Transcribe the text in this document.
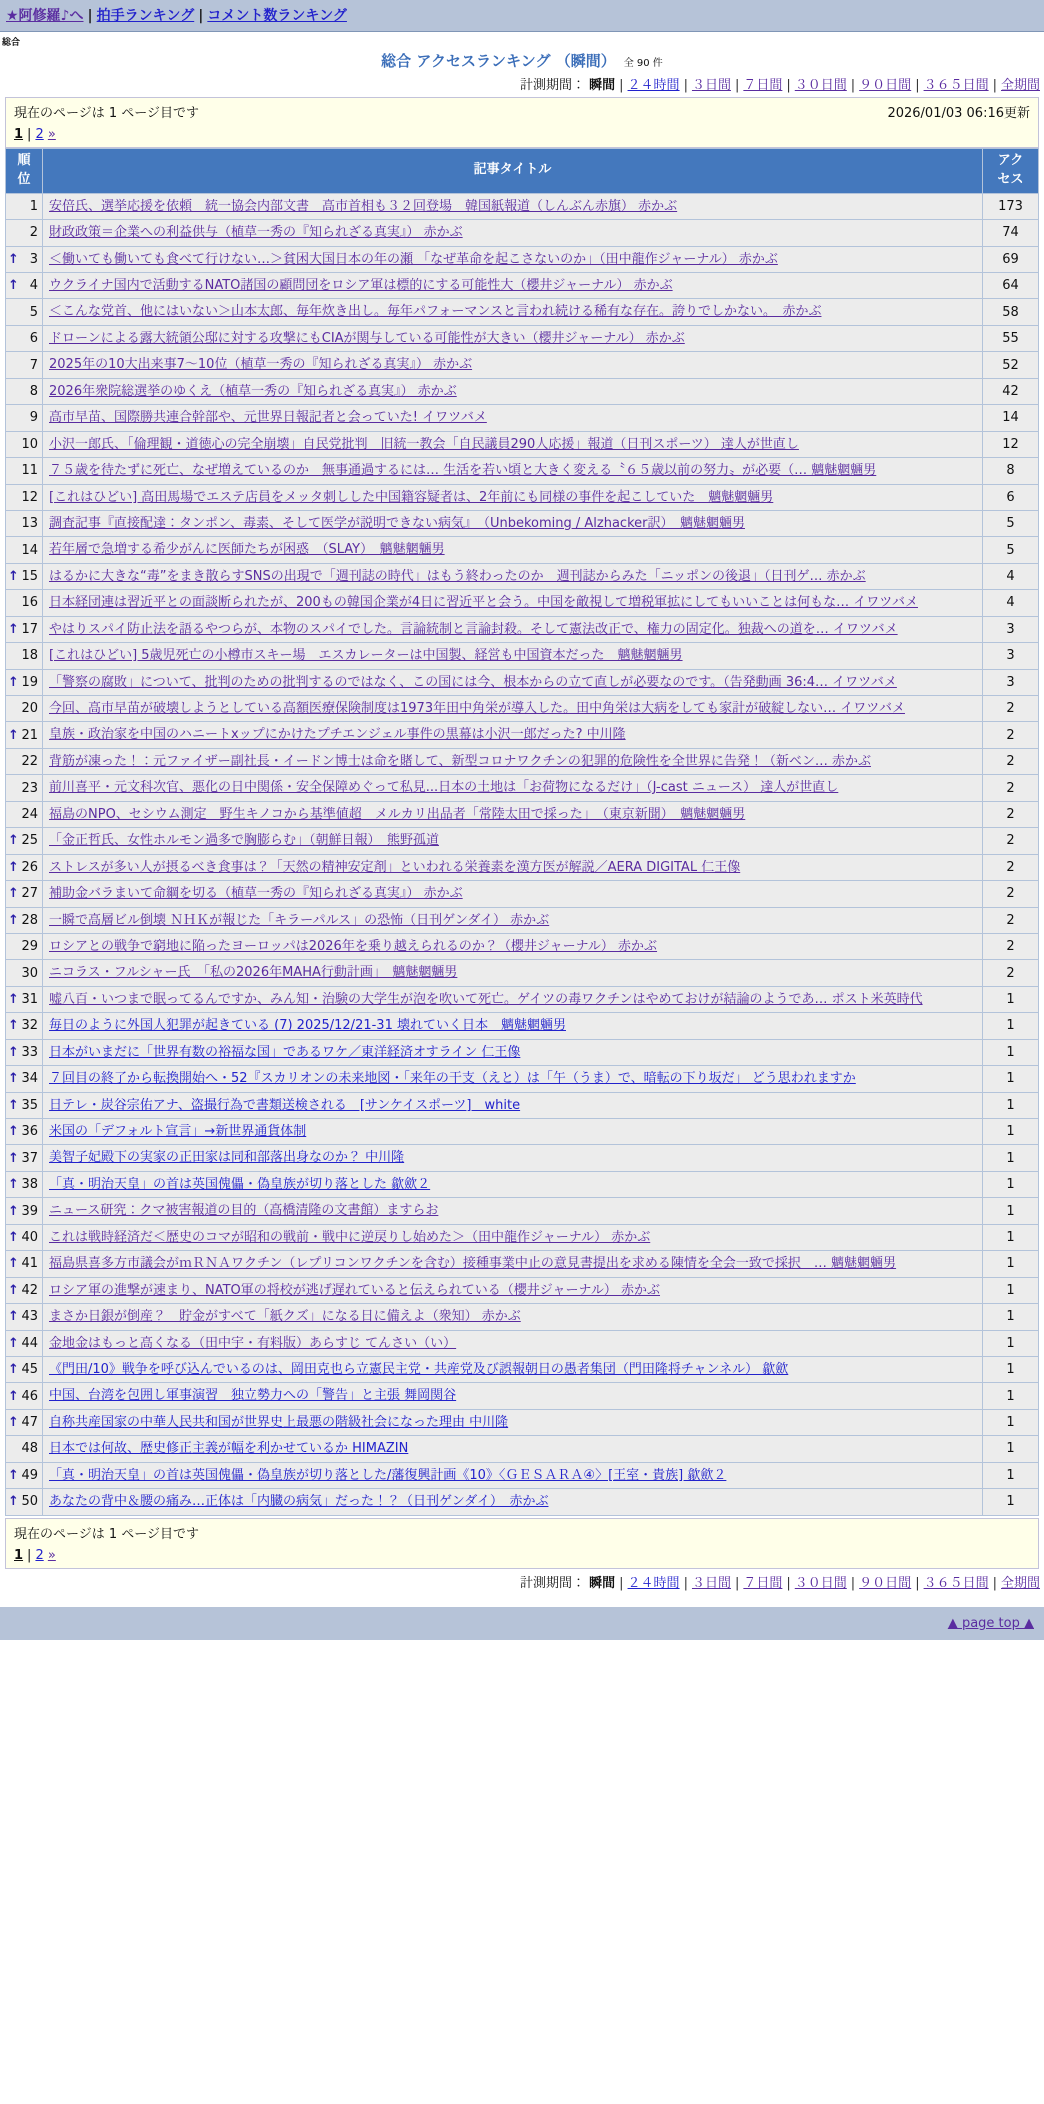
★阿修羅♪へ | 拍手ランキング | コメント数ランキング
総合
総合 アクセスランキング （瞬間） 全 90 件
計測期間： 瞬間 | ２４時間 | ３日間 | ７日間 | ３０日間 | ９０日間 | ３６５日間 | 全期間
現在のページは 1 ページ目です	2026/01/03 06:16更新
1 | 2 »
順位	記事タイトル	アクセス
1	安倍氏、選挙応援を依頼　統一協会内部文書　高市首相も３２回登場　韓国紙報道（しんぶん赤旗） 赤かぶ	173
2	財政政策＝企業への利益供与（植草一秀の『知られざる真実』） 赤かぶ	74

↑ 3	＜働いても働いても食べて行けない…＞貧困大国日本の年の瀬 「なぜ革命を起こさないのか」（田中龍作ジャーナル） 赤かぶ	69

↑ 4	ウクライナ国内で活動するNATO諸国の顧問団をロシア軍は標的にする可能性大（櫻井ジャーナル） 赤かぶ	64
5	＜こんな党首、他にはいない＞山本太郎、毎年炊き出し。毎年パフォーマンスと言われ続ける稀有な存在。誇りでしかない。　赤かぶ	58
6	ドローンによる露大統領公邸に対する攻撃にもCIAが関与している可能性が大きい（櫻井ジャーナル） 赤かぶ	55
7	2025年の10大出来事7～10位（植草一秀の『知られざる真実』） 赤かぶ	52
8	2026年衆院総選挙のゆくえ（植草一秀の『知られざる真実』） 赤かぶ	42
9	高市早苗、国際勝共連合幹部や、元世界日報記者と会っていた! イワツバメ	14
10	小沢一郎氏、「倫理観・道徳心の完全崩壊」自民党批判　旧統一教会「自民議員290人応援」報道（日刊スポーツ） 達人が世直し	12
11	７５歳を待たずに死亡、なぜ増えているのか　無事通過するには… 生活を若い頃と大きく変える〝６５歳以前の努力〟が必要（… 魑魅魍魎男	8
12	[これはひどい] 高田馬場でエステ店員をメッタ刺しした中国籍容疑者は、2年前にも同様の事件を起こしていた　魑魅魍魎男	6
13	調査記事『直接配達：タンポン、毒素、そして医学が説明できない病気』　（Unbekoming / Alzhacker訳）　魑魅魍魎男	5
14	若年層で急増する希少がんに医師たちが困惑　（SLAY）　魑魅魍魎男	5

↑ 15	はるかに大きな“毒”をまき散らすSNSの出現で「週刊誌の時代」はもう終わったのか　週刊誌からみた「ニッポンの後退」（日刊ゲ… 赤かぶ	4
16	日本経団連は習近平との面談断られたが、200もの韓国企業が4日に習近平と会う。中国を敵視して増税軍拡にしてもいいことは何もな… イワツバメ	4

↑ 17	やはりスパイ防止法を語るやつらが、本物のスパイでした。言論統制と言論封殺。そして憲法改正で、権力の固定化。独裁への道を… イワツバメ	3
18	[これはひどい] 5歳児死亡の小樽市スキー場　エスカレーターは中国製、経営も中国資本だった　魑魅魍魎男	3

↑ 19	「警察の腐敗」について、批判のための批判するのではなく、この国には今、根本からの立て直しが必要なのです。（告発動画 36:4… イワツバメ	3
20	今回、高市早苗が破壊しようとしている高額医療保険制度は1973年田中角栄が導入した。田中角栄は大病をしても家計が破綻しない… イワツバメ	2

↑ 21	皇族・政治家を中国のハニートxップにかけたプチエンジェル事件の黒幕は小沢一郎だった? 中川隆	2
22	背筋が凍った！：元ファイザー副社長・イードン博士は命を賭して、新型コロナワクチンの犯罪的危険性を全世界に告発！（新ベン… 赤かぶ	2
23	前川喜平・元文科次官、悪化の日中関係・安全保障めぐって私見...日本の土地は「お荷物になるだけ」（J-cast ニュース） 達人が世直し	2
24	福島のNPO、セシウム測定　野生キノコから基準値超　メルカリ出品者「常陸太田で採った」　（東京新聞）　魑魅魍魎男	2

↑ 25	「金正哲氏、女性ホルモン過多で胸膨らむ」（朝鮮日報）　熊野孤道	2

↑ 26	ストレスが多い人が摂るべき食事は？「天然の精神安定剤」といわれる栄養素を漢方医が解説／AERA DIGITAL 仁王像	2

↑ 27	補助金バラまいて命綱を切る（植草一秀の『知られざる真実』） 赤かぶ	2

↑ 28	一瞬で高層ビル倒壊 ＮＨＫが報じた「キラーパルス」の恐怖（日刊ゲンダイ） 赤かぶ	2
29	ロシアとの戦争で窮地に陥ったヨーロッパは2026年を乗り越えられるのか？（櫻井ジャーナル） 赤かぶ	2
30	ニコラス・フルシャー氏　「私の2026年MAHA行動計画」　魑魅魍魎男	2

↑ 31	嘘八百・いつまで眠ってるんですか、みん知・治験の大学生が泡を吹いて死亡。ゲイツの毒ワクチンはやめておけが結論のようであ… ポスト米英時代	1

↑ 32	毎日のように外国人犯罪が起きている (7) 2025/12/21-31 壊れていく日本　魑魅魍魎男	1

↑ 33	日本がいまだに「世界有数の裕福な国」であるワケ／東洋経済オすライン 仁王像	1

↑ 34	７回目の終了から転換開始へ・52『スカリオンの未来地図・「来年の干支（えと）は「午（うま）で、暗転の下り坂だ」 どう思われますか	1

↑ 35	日テレ・炭谷宗佑アナ、盗撮行為で書類送検される　[サンケイスポーツ]　white	1

↑ 36	米国の「デフォルト宣言」→新世界通貨体制	1

↑ 37	美智子妃殿下の実家の正田家は同和部落出身なのか？ 中川隆	1

↑ 38	「真・明治天皇」の首は英国傀儡・偽皇族が切り落とした 歙歛２	1

↑ 39	ニュース研究：クマ被害報道の目的（高橋清隆の文書館）ますらお	1

↑ 40	これは戦時経済だ＜歴史のコマが昭和の戦前・戦中に逆戻りし始めた＞（田中龍作ジャーナル） 赤かぶ	1

↑ 41	福島県喜多方市議会がｍＲＮＡワクチン（レプリコンワクチンを含む）接種事業中止の意見書提出を求める陳情を全会一致で採択　… 魑魅魍魎男	1

↑ 42	ロシア軍の進撃が速まり、NATO軍の将校が逃げ遅れていると伝えられている（櫻井ジャーナル） 赤かぶ	1

↑ 43	まさか日銀が倒産？　貯金がすべて「紙クズ」になる日に備えよ（衆知） 赤かぶ	1

↑ 44	金地金はもっと高くなる（田中宇・有料版）あらすじ てんさい（い）	1

↑ 45	《門田/10》戦争を呼び込んでいるのは、岡田克也ら立憲民主党・共産党及び誤報朝日の愚者集団（門田隆将チャンネル） 歙歛	1

↑ 46	中国、台湾を包囲し軍事演習　独立勢力への「警告」と主張 舞岡関谷	1

↑ 47	自称共産国家の中華人民共和国が世界史上最悪の階級社会になった理由 中川隆	1
48	日本では何故、歴史修正主義が幅を利かせているか HIMAZIN	1

↑ 49	「真・明治天皇」の首は英国傀儡・偽皇族が切り落とした/藩復興計画《10》〈ＧＥＳＡＲＡ④〉[王室・貴族] 歙歛２	1

↑ 50	あなたの背中＆腰の痛み…正体は「内臓の病気」だった！？（日刊ゲンダイ）　赤かぶ	1
現在のページは 1 ページ目です
1 | 2 »
計測期間： 瞬間 | ２４時間 | ３日間 | ７日間 | ３０日間 | ９０日間 | ３６５日間 | 全期間
▲ page top ▲
